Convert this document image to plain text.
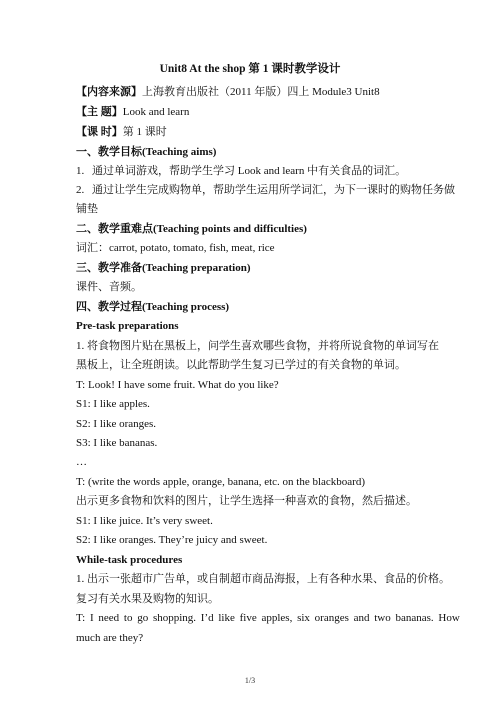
Unit8 At the shop 第 1 课时教学设计
【内容来源】上海教育出版社（2011 年版）四上 Module3 Unit8
【主 题】Look and learn
【课 时】第 1 课时
一、教学目标(Teaching aims)
1. 通过单词游戏，帮助学生学习 Look and learn 中有关食品的词汇。
2. 通过让学生完成购物单，帮助学生运用所学词汇，为下一课时的购物任务做
铺垫
二、教学重难点(Teaching points and difficulties)
词汇：carrot, potato, tomato, fish, meat, rice
三、教学准备(Teaching preparation)
课件、音频。
四、教学过程(Teaching process)
Pre-task preparations
1. 将食物图片贴在黑板上，问学生喜欢哪些食物，并将所说食物的单词写在
黑板上，让全班朗读。以此帮助学生复习已学过的有关食物的单词。
T: Look! I have some fruit. What do you like?
S1: I like apples.
S2: I like oranges.
S3: I like bananas.
…
T: (write the words apple, orange, banana, etc. on the blackboard)
出示更多食物和饮料的图片，让学生选择一种喜欢的食物，然后描述。
S1: I like juice. It’s very sweet.
S2: I like oranges. They’re juicy and sweet.
While-task procedures
1. 出示一张超市广告单，或自制超市商品海报，上有各种水果、食品的价格。
复习有关水果及购物的知识。
T: I need to go shopping. I’d like five apples, six oranges and two bananas. How
much are they?
1/3
